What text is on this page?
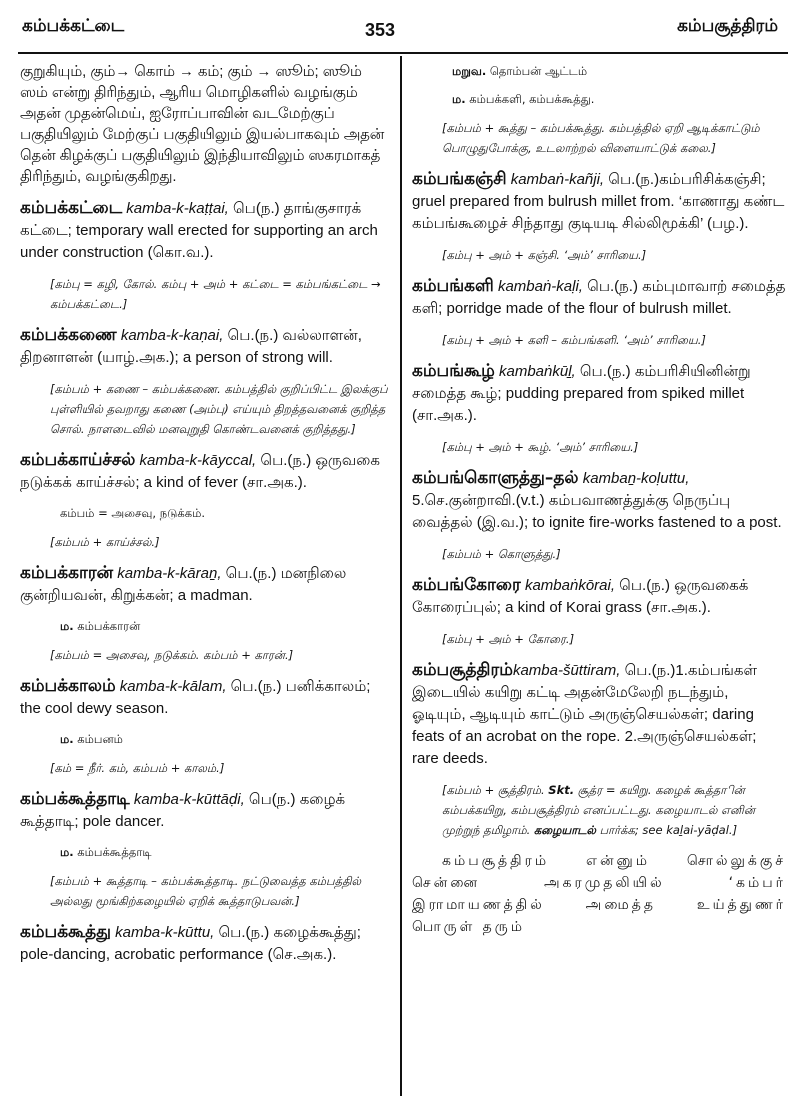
கம்பக்கட்டை	353	கம்பசூத்திரம்

குறுகியும், கும்→ கொம் → கம்; கும் → ஸூம்; ஸூம் ஸம் என்று திரிந்தும், ஆரிய மொழிகளில் வழங்கும் அதன் முதன்மெய், ஐரோப்பாவின் வடமேற்குப் பகுதியிலும் மேற்குப் பகுதியிலும் இயல்பாகவும் அதன் தென் கிழக்குப் பகுதியிலும் இந்தியாவிலும் ஸகரமாகத் திரிந்தும், வழங்குகிறது.

கம்பக்கட்டை kamba-k-kaṭṭai, பெ(ந.) தாங்குசாரக் கட்டை; temporary wall erected for supporting an arch under construction (கொ.வ.).

[கம்பு = கழி, கோல். கம்பு + அம் + கட்டை = கம்பங்கட்டை → கம்பக்கட்டை.]

கம்பக்கணை kamba-k-kaṇai, பெ.(ந.) வல்லாளன், திறனாளன் (யாழ்.அக.); a person of strong will.

[கம்பம் + கணை – கம்பக்கணை. கம்பத்தில் குறிப்பிட்ட இலக்குப் புள்ளியில் தவறாது கணை (அம்பு) எய்யும் திறத்தவனைக் குறித்த சொல். நாளடைவில் மனவுறுதி கொண்டவனைக் குறித்தது.]

கம்பக்காய்ச்சல் kamba-k-kāyccal, பெ.(ந.) ஒருவகை நடுக்கக் காய்ச்சல்; a kind of fever (சா.அக.).

கம்பம் = அசைவு, நடுக்கம்.

[கம்பம் + காய்ச்சல்.]

கம்பக்காரன் kamba-k-kāraṉ, பெ.(ந.) மனநிலை குன்றியவன், கிறுக்கன்; a madman.

ம. கம்பக்காரன்

[கம்பம் = அசைவு, நடுக்கம். கம்பம் + காரன்.]

கம்பக்காலம் kamba-k-kālam, பெ.(ந.) பனிக்காலம்; the cool dewy season.

ம. கம்பனம்

[கம் = நீர். கம், கம்பம் + காலம்.]

கம்பக்கூத்தாடி kamba-k-kūttāḍi, பெ(ந.) கழைக் கூத்தாடி; pole dancer.

ம. கம்பக்கூத்தாடி

[கம்பம் + கூத்தாடி – கம்பக்கூத்தாடி. நட்டுவைத்த கம்பத்தில் அல்லது மூங்கிற்கழையில் ஏறிக் கூத்தாடுபவன்.]

கம்பக்கூத்து kamba-k-kūttu, பெ.(ந.) கழைக்கூத்து; pole-dancing, acrobatic performance (செ.அக.).

மறுவ. தொம்பன் ஆட்டம்

ம. கம்பக்களி, கம்பக்கூத்து.

[கம்பம் + கூத்து – கம்பக்கூத்து. கம்பத்தில் ஏறி ஆடிக்காட்டும் பொழுதுபோக்கு, உடலாற்றல் விளையாட்டுக் கலை.]

கம்பங்கஞ்சி kambaṅ-kañji, பெ.(ந.)கம்பரிசிக்கஞ்சி; gruel prepared from bulrush millet from. ‘காணாது கண்ட கம்பங்கூழைச் சிந்தாது குடியடி சில்லிமூக்கி’ (பழ.).

[கம்பு + அம் + கஞ்சி. ‘அம்’ சாரியை.]

கம்பங்களி kambaṅ-kaḷi, பெ.(ந.) கம்புமாவாற் சமைத்த களி; porridge made of the flour of bulrush millet.

[கம்பு + அம் + களி – கம்பங்களி. ‘அம்’ சாரியை.]

கம்பங்கூழ் kambaṅkūḻ, பெ.(ந.) கம்பரிசியினின்று சமைத்த கூழ்; pudding prepared from spiked millet (சா.அக.).

[கம்பு + அம் + கூழ். ‘அம்’ சாரியை.]

கம்பங்கொளுத்து–தல் kambaṉ-koḷuttu, 5.செ.குன்றாவி.(v.t.) கம்பவாணத்துக்கு நெருப்பு வைத்தல் (இ.வ.); to ignite fire-works fastened to a post.

[கம்பம் + கொளுத்து.]

கம்பங்கோரை kambaṅkōrai, பெ.(ந.) ஒருவகைக் கோரைப்புல்; a kind of Korai grass (சா.அக.).

[கம்பு + அம் + கோரை.]

கம்பசூத்திரம்kamba-šūttiram, பெ.(ந.)1.கம்பங்கள் இடையில் கயிறு கட்டி அதன்மேலேறி நடந்தும், ஓடியும், ஆடியும் காட்டும் அருஞ்செயல்கள்; daring feats of an acrobat on the rope. 2.அருஞ்செயல்கள்; rare deeds.

[கம்பம் + சூத்திரம். Skt. சூத்ர = கயிறு. கழைக் கூத்தாின் கம்பக்கயிறு, கம்பசூத்திரம் எனப்பட்டது. கழையாடல் எனின் முற்றுந் தமிழாம். கழையாடல் பார்க்க; see kaḻai-yāḍal.]

கம்பசூத்திரம் என்னும் சொல்லுக்குச் சென்னை அகரமுதலியில் ‘கம்பர் இராமாயணத்தில் அமைத்த உய்த்துணர் பொருள் தரும்
